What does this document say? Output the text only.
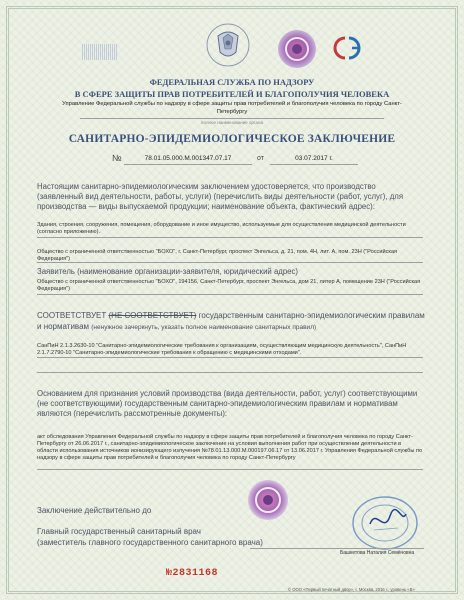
ФЕДЕРАЛЬНАЯ СЛУЖБА ПО НАДЗОРУ
В СФЕРЕ ЗАЩИТЫ ПРАВ ПОТРЕБИТЕЛЕЙ И БЛАГОПОЛУЧИЯ ЧЕЛОВЕКА
Управление Федеральной службы по надзору в сфере защиты прав потребителей и благополучия человека по городу Санкт-Петербургу
полное наименование органа
САНИТАРНО-ЭПИДЕМИОЛОГИЧЕСКОЕ ЗАКЛЮЧЕНИЕ
№	78.01.05.000.М.001347.07.17	от	03.07.2017 г.
Настоящим санитарно-эпидемиологическим заключением удостоверяется, что производство (заявленный вид деятельности, работы, услуги) (перечислить виды деятельности (работ, услуг), для производства — виды выпускаемой продукции; наименование объекта, фактический адрес):
Здания, строения, сооружения, помещения, оборудование и иное имущество, используемые для осуществления медицинской деятельности (согласно приложению).
Общество с ограниченной ответственностью "БОХО", г. Санкт-Петербург, проспект Энгельса, д. 21, пом. 4Н, лит. А, пом. 23Н ("Российская Федерация")
Заявитель (наименование организации-заявителя, юридический адрес)
Общество с ограниченной ответственностью "БОХО", 194156, Санкт-Петербург, проспект Энгельса, дом 21, литер А, помещение 23Н ("Российская Федерация")
СООТВЕТСТВУЕТ (НЕ СООТВЕТСТВУЕТ) государственным санитарно-эпидемиологическим правилам и нормативам (ненужное зачеркнуть, указать полное наименование санитарных правил)
СанПиН 2.1.3.2630-10 "Санитарно-эпидемиологические требования к организациям, осуществляющим медицинскую деятельность", СанПиН 2.1.7.2790-10 "Санитарно-эпидемиологические требования к обращению с медицинскими отходами".
Основанием для признания условий производства (вида деятельности, работ, услуг) соответствующими (не соответствующими) государственным санитарно-эпидемиологическим правилам и нормативам являются (перечислить рассмотренные документы):
акт обследования Управления Федеральной службы по надзору в сфере защиты прав потребителей и благополучия человека по городу Санкт-Петербургу от 26.06.2017 г., санитарно-эпидемиологическое заключение на условия выполнения работ при осуществлении деятельности в области использования источников ионизирующего излучения №78.01.13.000.М.000197.06.17 от 13.06.2017 г. Управления Федеральной службы по надзору в сфере защиты прав потребителей и благополучия человека по городу Санкт-Петербургу
Заключение действительно до
Главный государственный санитарный врач
(заместитель главного государственного санитарного врача)
Башкетова Наталия Семёновна
№2831168
© ООО «Первый печатный двор», г. Москва, 2016 г., уровень «В»
